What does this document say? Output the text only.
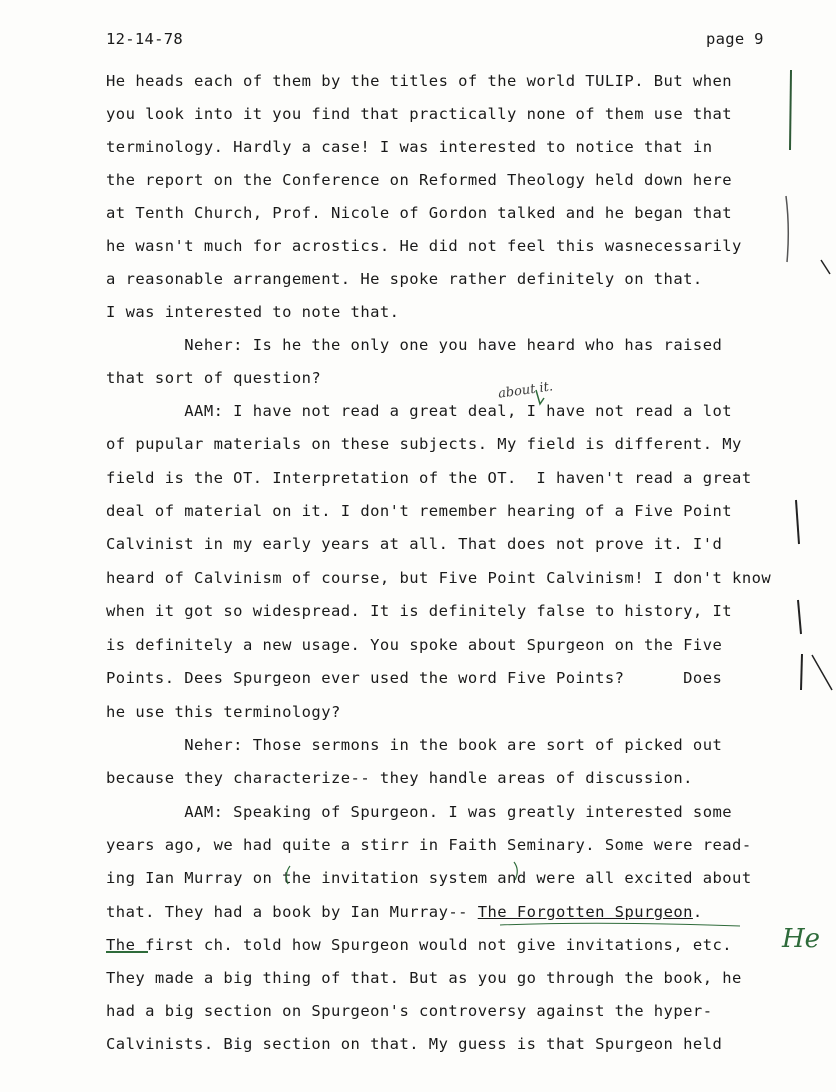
12-14-78	page 9
He heads each of them by the titles of the world TULIP. But when
you look into it you find that practically none of them use that
terminology. Hardly a case! I was interested to notice that in
the report on the Conference on Reformed Theology held down here
at Tenth Church, Prof. Nicole of Gordon talked and he began that
he wasn't much for acrostics. He did not feel this wasnecessarily
a reasonable arrangement. He spoke rather definitely on that.
I was interested to note that.
Neher: Is he the only one you have heard who has raised
that sort of question?
AAM: I have not read a great deal, I have not read a lot
of pupular materials on these subjects. My field is different. My
field is the OT. Interpretation of the OT.  I haven't read a great
deal of material on it. I don't remember hearing of a Five Point
Calvinist in my early years at all. That does not prove it. I'd
heard of Calvinism of course, but Five Point Calvinism! I don't know
when it got so widespread. It is definitely false to history, It
is definitely a new usage. You spoke about Spurgeon on the Five
Points. Dees Spurgeon ever used the word Five Points?      Does
he use this terminology?
Neher: Those sermons in the book are sort of picked out
because they characterize-- they handle areas of discussion.
AAM: Speaking of Spurgeon. I was greatly interested some
years ago, we had quite a stirr in Faith Seminary. Some were read-
ing Ian Murray on the invitation system and were all excited about
that. They had a book by Ian Murray-- The Forgotten Spurgeon.
The first ch. told how Spurgeon would not give invitations, etc.
They made a big thing of that. But as you go through the book, he
had a big section on Spurgeon's controversy against the hyper-
Calvinists. Big section on that. My guess is that Spurgeon held
about it.
He
